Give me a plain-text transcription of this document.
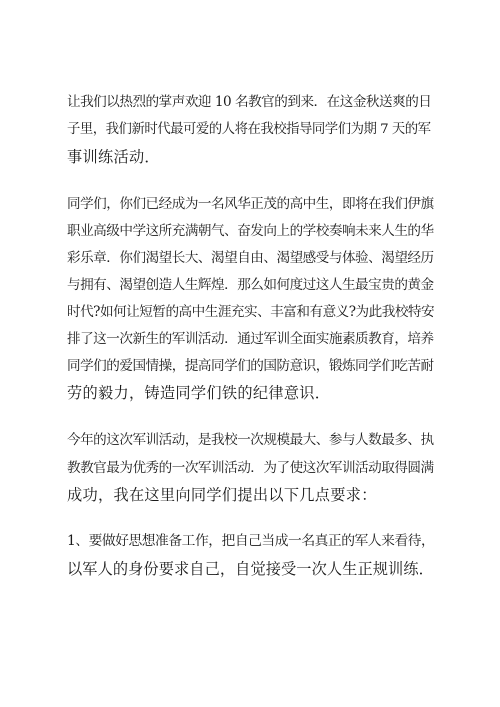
让我们以热烈的掌声欢迎 10 名教官的到来．在这金秋送爽的日
子里，我们新时代最可爱的人将在我校指导同学们为期 7 天的军
事训练活动．
同学们，你们已经成为一名风华正茂的高中生，即将在我们伊旗
职业高级中学这所充满朝气、奋发向上的学校奏响未来人生的华
彩乐章．你们渴望长大、渴望自由、渴望感受与体验、渴望经历
与拥有、渴望创造人生辉煌．那么如何度过这人生最宝贵的黄金
时代?如何让短暂的高中生涯充实、丰富和有意义?为此我校特安
排了这一次新生的军训活动．通过军训全面实施素质教育，培养
同学们的爱国情操，提高同学们的国防意识，锻炼同学们吃苦耐
劳的毅力，铸造同学们铁的纪律意识．
今年的这次军训活动，是我校一次规模最大、参与人数最多、执
教教官最为优秀的一次军训活动．为了使这次军训活动取得圆满
成功，我在这里向同学们提出以下几点要求：
1、要做好思想准备工作，把自己当成一名真正的军人来看待，
以军人的身份要求自己，自觉接受一次人生正规训练．
